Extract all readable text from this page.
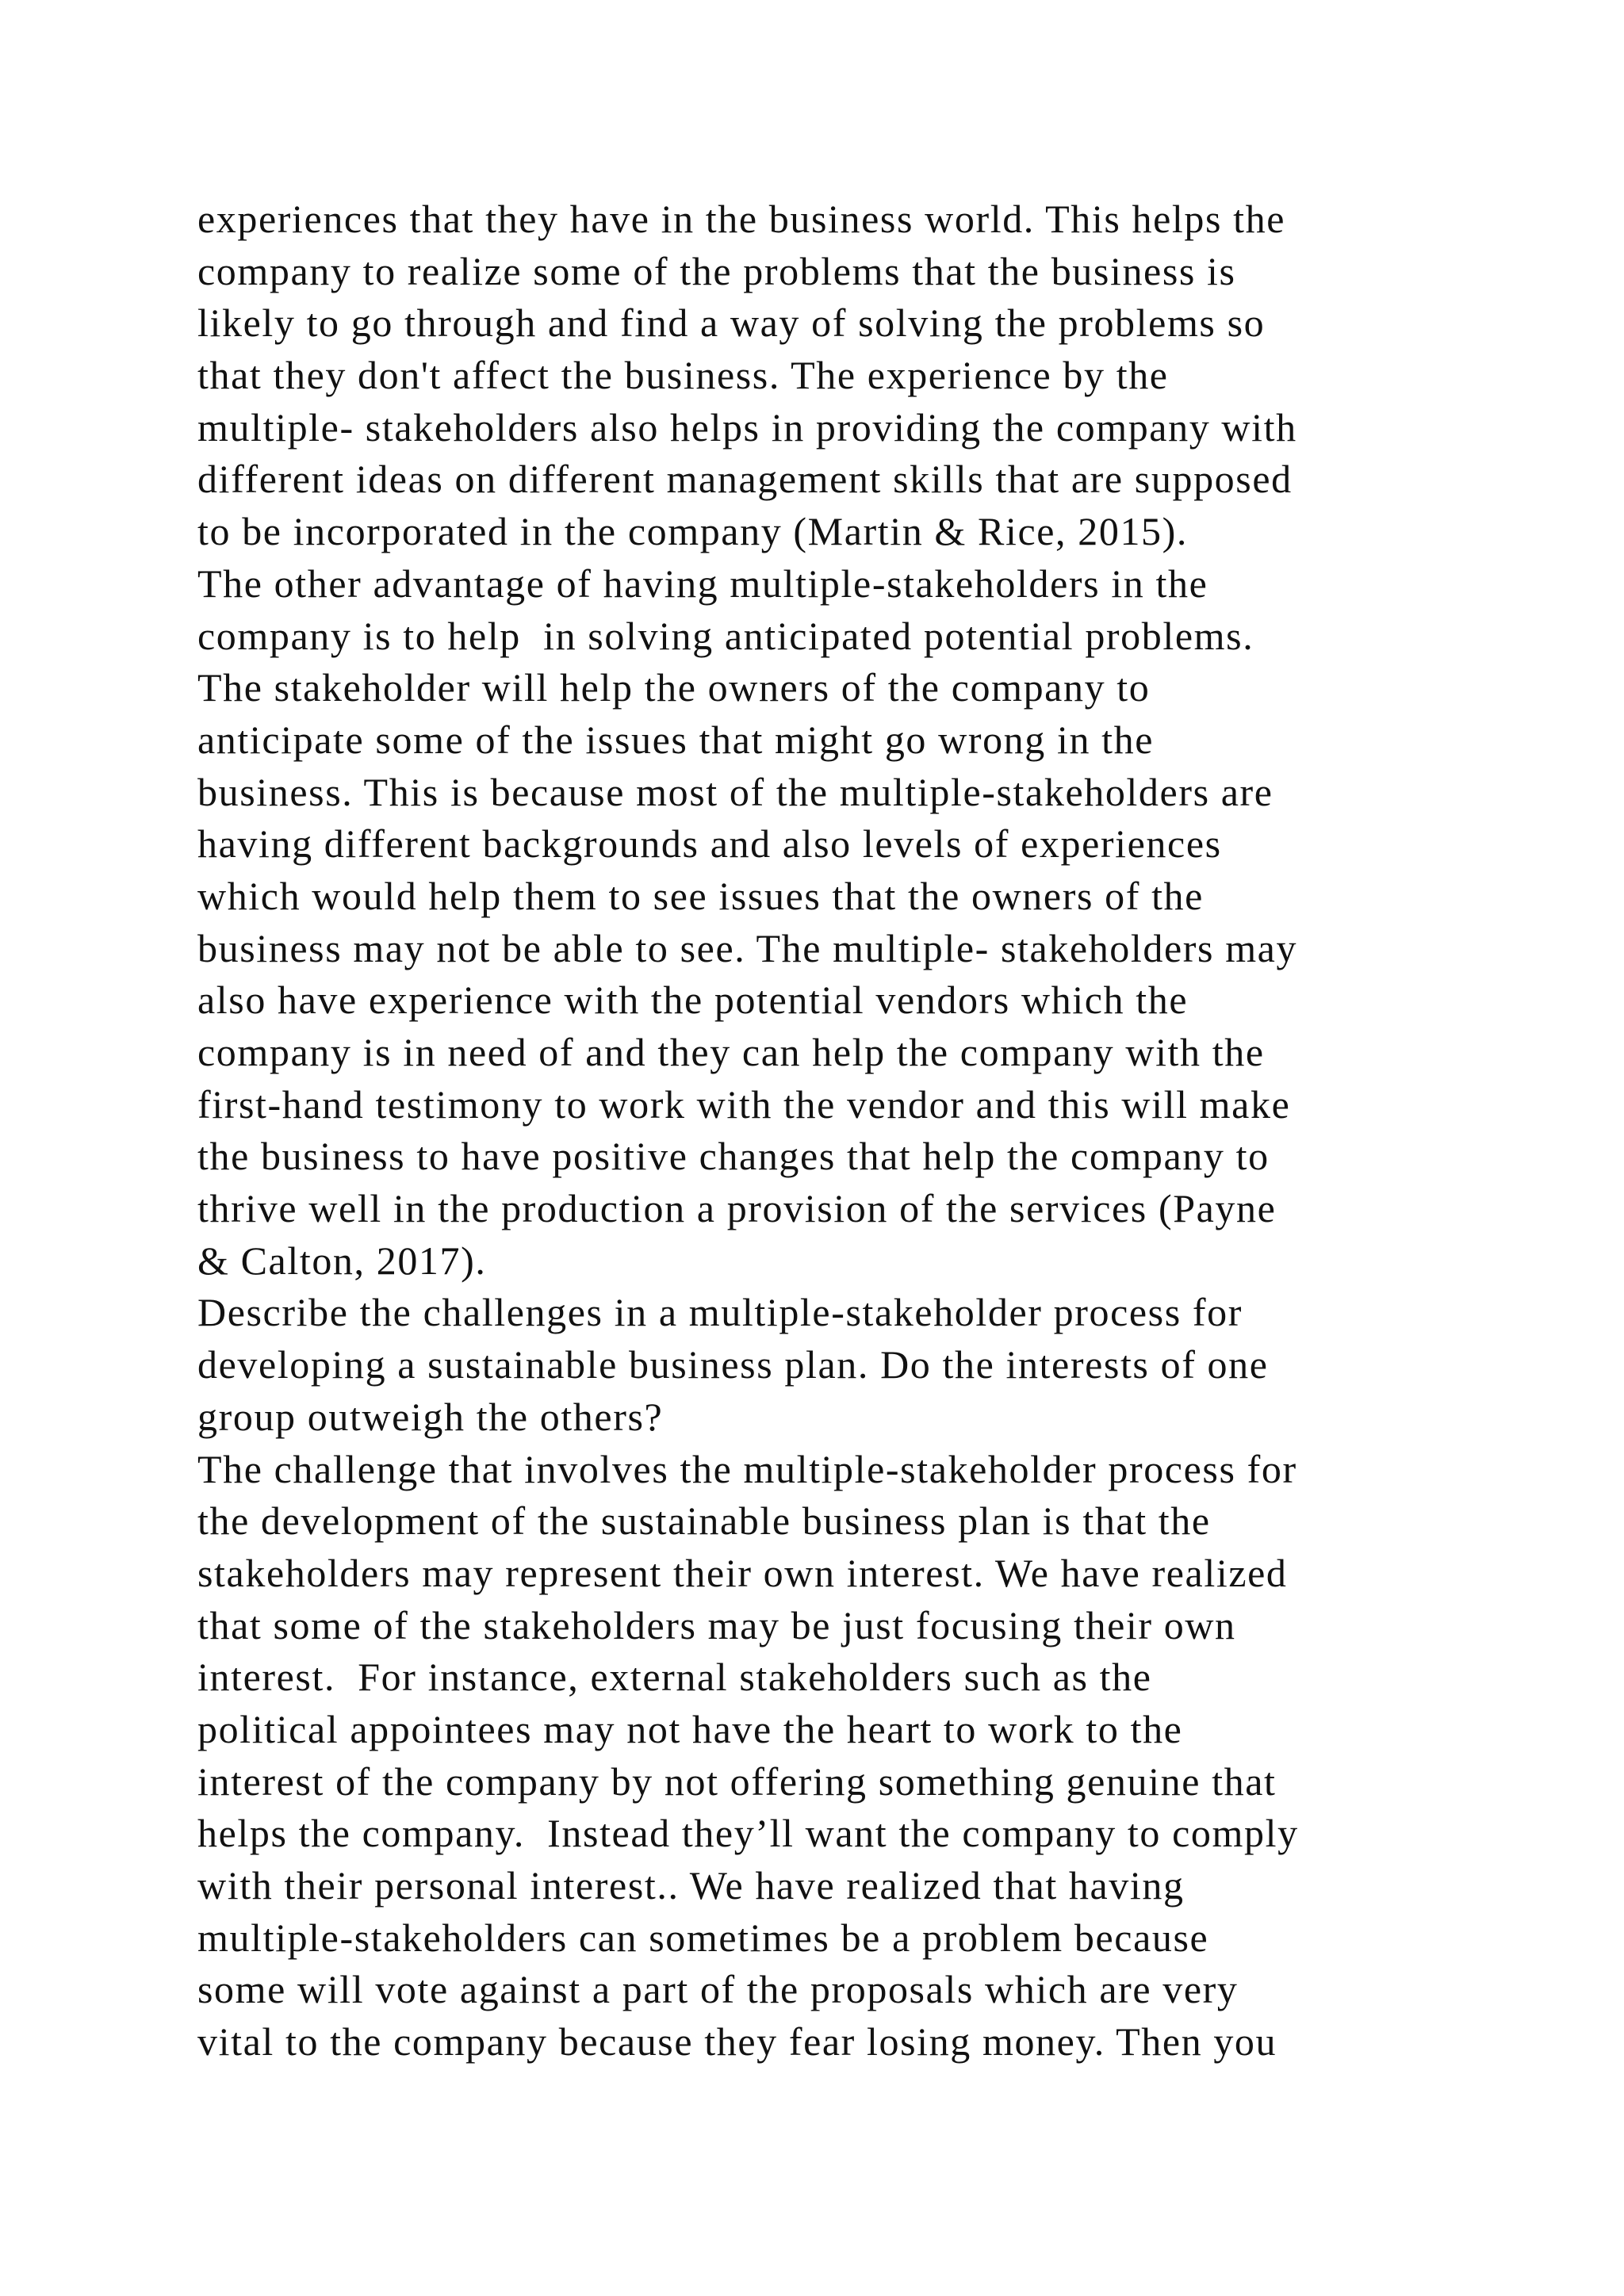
experiences that they have in the business world. This helps the
company to realize some of the problems that the business is
likely to go through and find a way of solving the problems so
that they don't affect the business. The experience by the
multiple- stakeholders also helps in providing the company with
different ideas on different management skills that are supposed
to be incorporated in the company (Martin & Rice, 2015).
The other advantage of having multiple-stakeholders in the
company is to help  in solving anticipated potential problems.
The stakeholder will help the owners of the company to
anticipate some of the issues that might go wrong in the
business. This is because most of the multiple-stakeholders are
having different backgrounds and also levels of experiences
which would help them to see issues that the owners of the
business may not be able to see. The multiple- stakeholders may
also have experience with the potential vendors which the
company is in need of and they can help the company with the
first-hand testimony to work with the vendor and this will make
the business to have positive changes that help the company to
thrive well in the production a provision of the services (Payne
& Calton, 2017).
Describe the challenges in a multiple-stakeholder process for
developing a sustainable business plan. Do the interests of one
group outweigh the others?
The challenge that involves the multiple-stakeholder process for
the development of the sustainable business plan is that the
stakeholders may represent their own interest. We have realized
that some of the stakeholders may be just focusing their own
interest.  For instance, external stakeholders such as the
political appointees may not have the heart to work to the
interest of the company by not offering something genuine that
helps the company.  Instead they’ll want the company to comply
with their personal interest.. We have realized that having
multiple-stakeholders can sometimes be a problem because
some will vote against a part of the proposals which are very
vital to the company because they fear losing money. Then you
